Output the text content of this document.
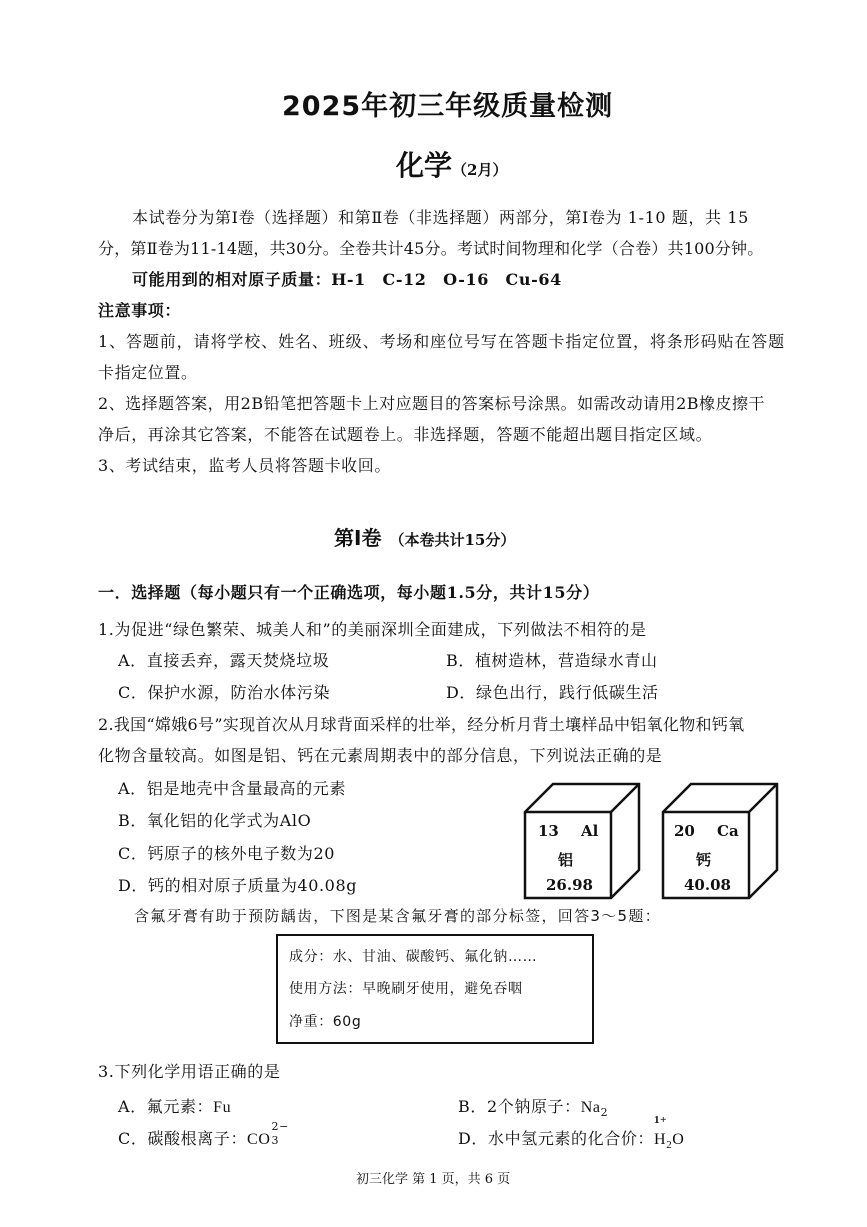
2025年初三年级质量检测
化学（2月）
本试卷分为第Ⅰ卷（选择题）和第Ⅱ卷（非选择题）两部分，第Ⅰ卷为 1-10 题，共 15
分，第Ⅱ卷为11-14题，共30分。全卷共计45分。考试时间物理和化学（合卷）共100分钟。
可能用到的相对原子质量：H-1　C-12　O-16　Cu-64
注意事项：
1、答题前，请将学校、姓名、班级、考场和座位号写在答题卡指定位置，将条形码贴在答题
卡指定位置。
2、选择题答案，用2B铅笔把答题卡上对应题目的答案标号涂黑。如需改动请用2B橡皮擦干
净后，再涂其它答案，不能答在试题卷上。非选择题，答题不能超出题目指定区域。
3、考试结束，监考人员将答题卡收回。
第Ⅰ卷 （本卷共计15分）
一．选择题（每小题只有一个正确选项，每小题1.5分，共计15分）
1.为促进“绿色繁荣、城美人和”的美丽深圳全面建成，下列做法不相符的是
A．直接丢弃，露天焚烧垃圾	B．植树造林，营造绿水青山
C．保护水源，防治水体污染	D．绿色出行，践行低碳生活
2.我国“嫦娥6号”实现首次从月球背面采样的壮举，经分析月背土壤样品中铝氧化物和钙氧
化物含量较高。如图是铝、钙在元素周期表中的部分信息，下列说法正确的是
A．铝是地壳中含量最高的元素
B．氧化铝的化学式为AlO
C．钙原子的核外电子数为20
D．钙的相对原子质量为40.08g
13 Al
铝
26.98
20 Ca
钙
40.08
含氟牙膏有助于预防龋齿，下图是某含氟牙膏的部分标签，回答3～5题：
成分：水、甘油、碳酸钙、氟化钠……
使用方法：早晚刷牙使用，避免吞咽
净重：60g
3.下列化学用语正确的是
A．氟元素：Fu	B．2个钠原子：$Na_2$
C．碳酸根离子：CO
2−
3	D．水中氢元素的化合价：
1+
$H_2O$
初三化学 第 1 页，共 6 页
